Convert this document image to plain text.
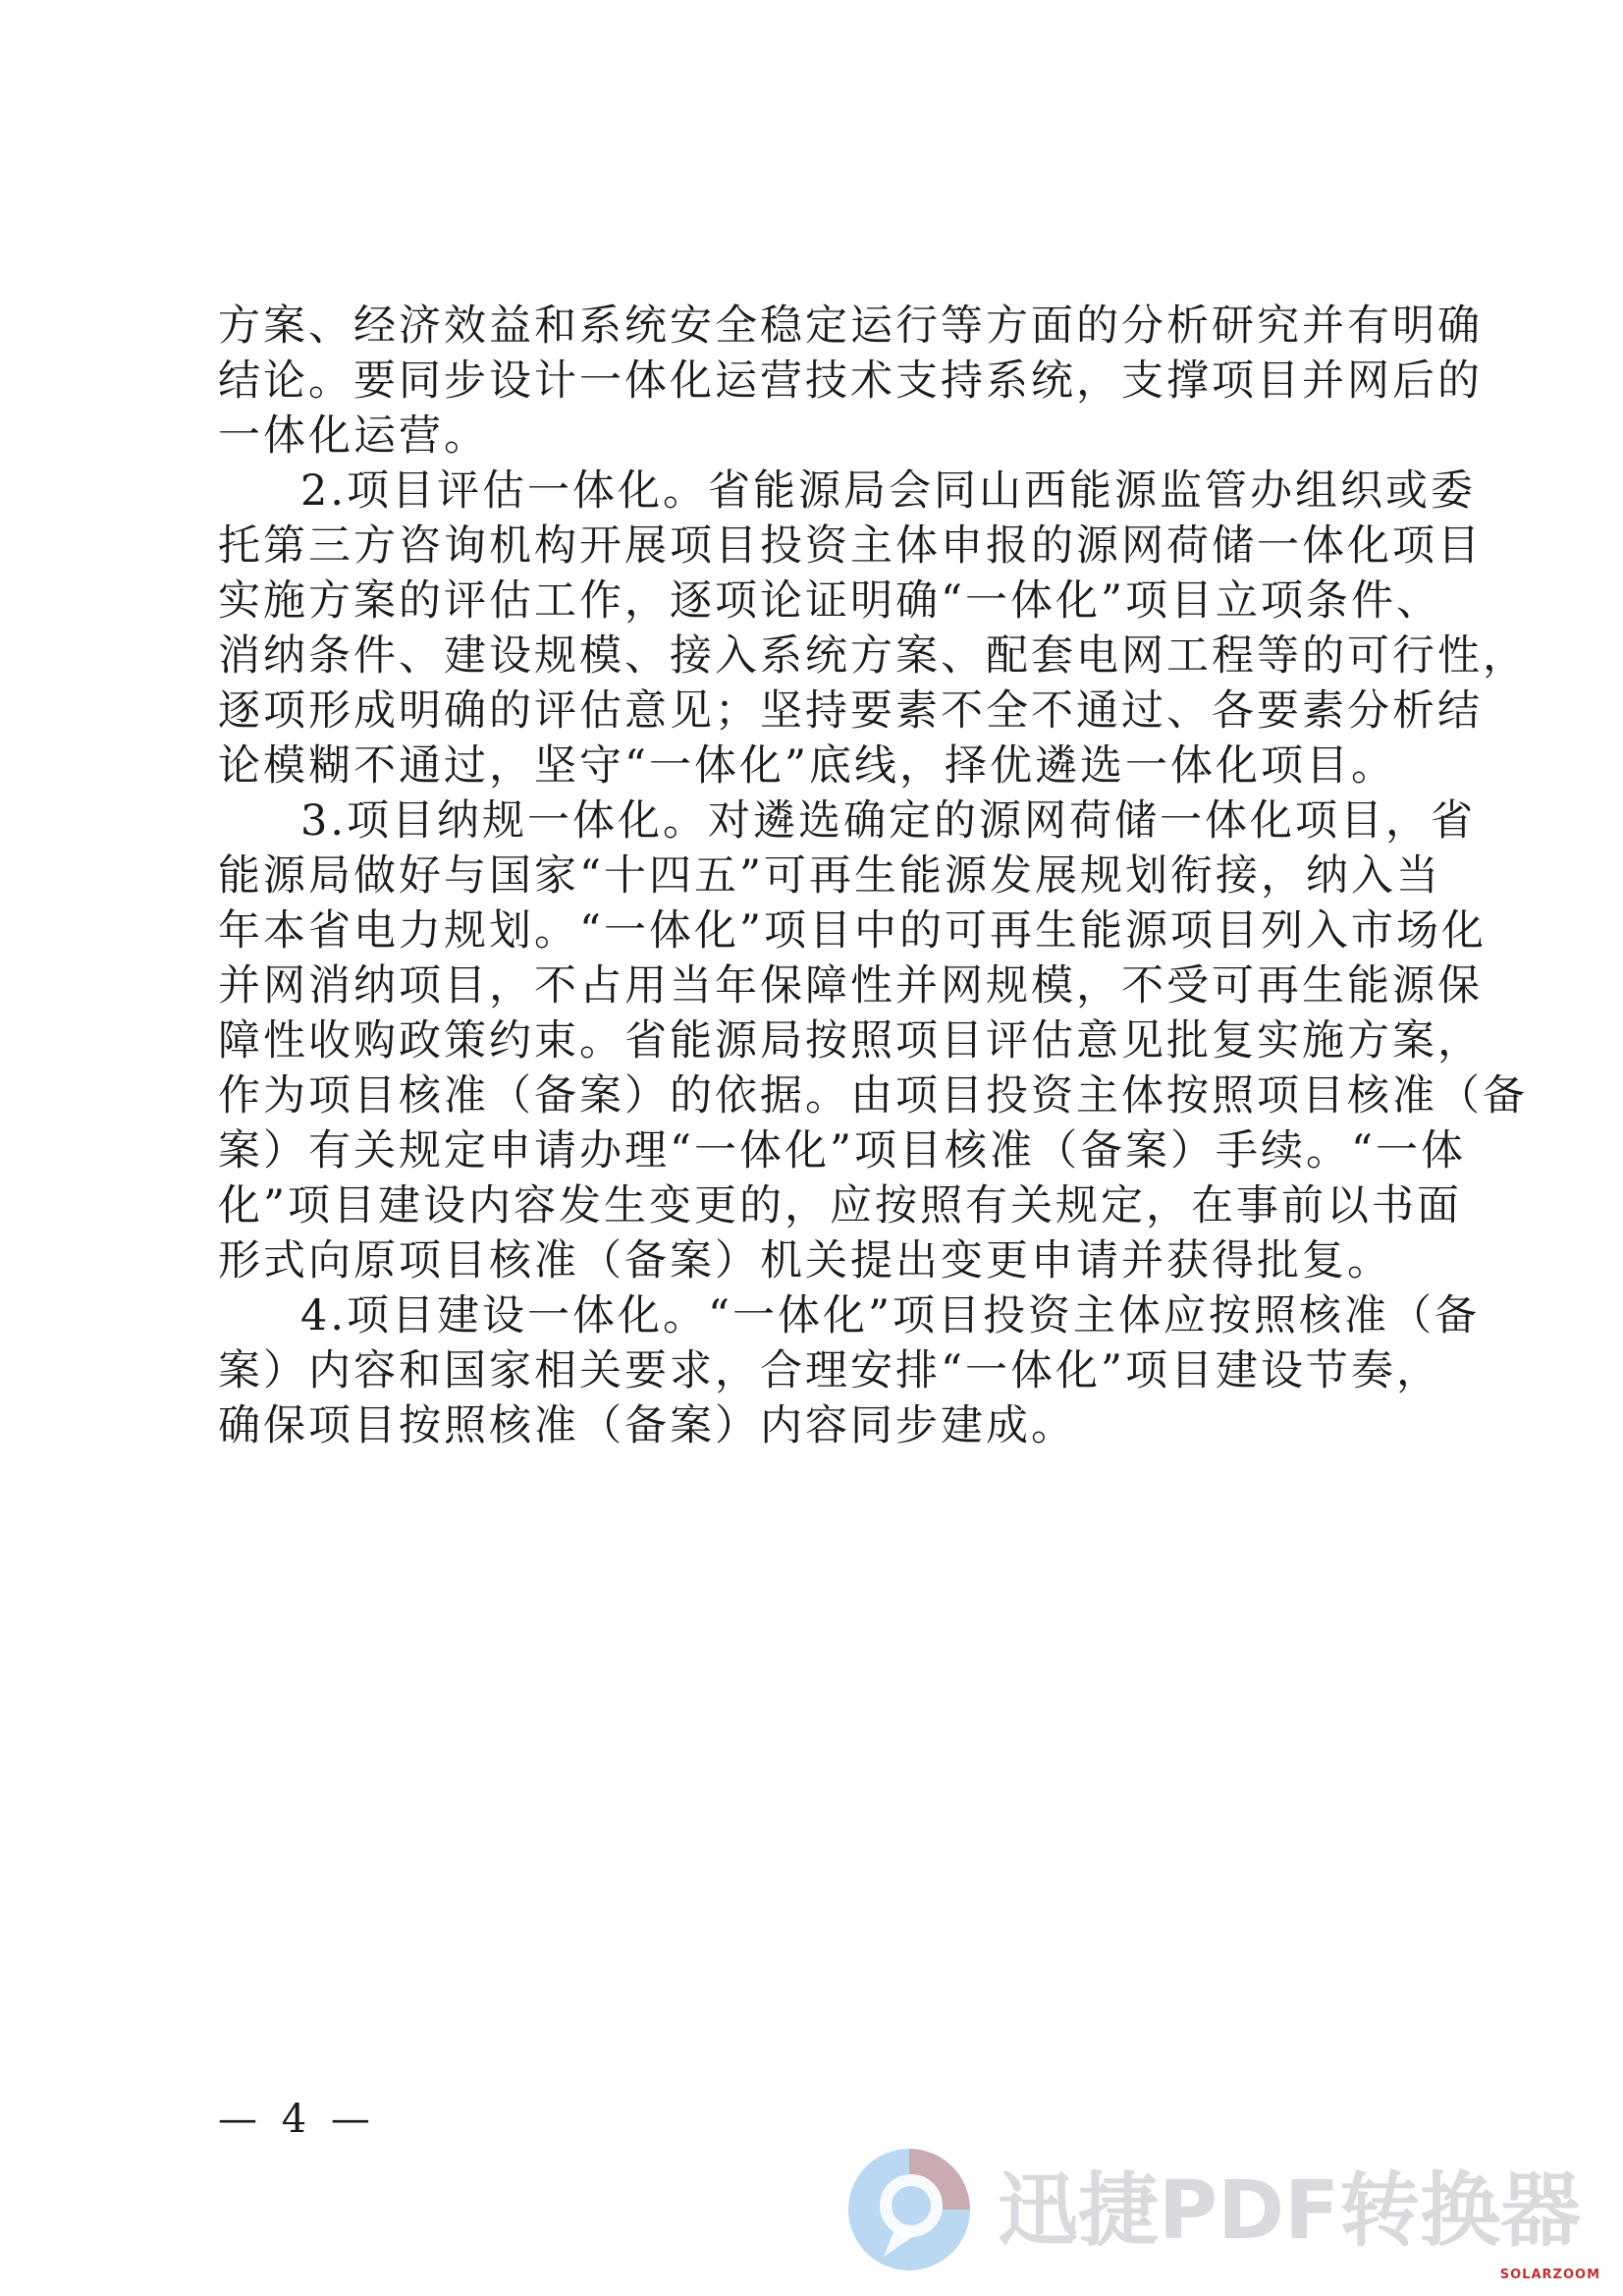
方案、经济效益和系统安全稳定运行等方面的分析研究并有明确
结论。要同步设计一体化运营技术支持系统，支撑项目并网后的
一体化运营。
2.项目评估一体化。省能源局会同山西能源监管办组织或委
托第三方咨询机构开展项目投资主体申报的源网荷储一体化项目
实施方案的评估工作，逐项论证明确“一体化”项目立项条件、
消纳条件、建设规模、接入系统方案、配套电网工程等的可行性，
逐项形成明确的评估意见；坚持要素不全不通过、各要素分析结
论模糊不通过，坚守“一体化”底线，择优遴选一体化项目。
3.项目纳规一体化。对遴选确定的源网荷储一体化项目，省
能源局做好与国家“十四五”可再生能源发展规划衔接，纳入当
年本省电力规划。“一体化”项目中的可再生能源项目列入市场化
并网消纳项目，不占用当年保障性并网规模，不受可再生能源保
障性收购政策约束。省能源局按照项目评估意见批复实施方案，
作为项目核准（备案）的依据。由项目投资主体按照项目核准（备
案）有关规定申请办理“一体化”项目核准（备案）手续。“一体
化”项目建设内容发生变更的，应按照有关规定，在事前以书面
形式向原项目核准（备案）机关提出变更申请并获得批复。
4.项目建设一体化。“一体化”项目投资主体应按照核准（备
案）内容和国家相关要求，合理安排“一体化”项目建设节奏，
确保项目按照核准（备案）内容同步建成。
— 4 —
迅捷PDF转换器
SOLARZOOM
